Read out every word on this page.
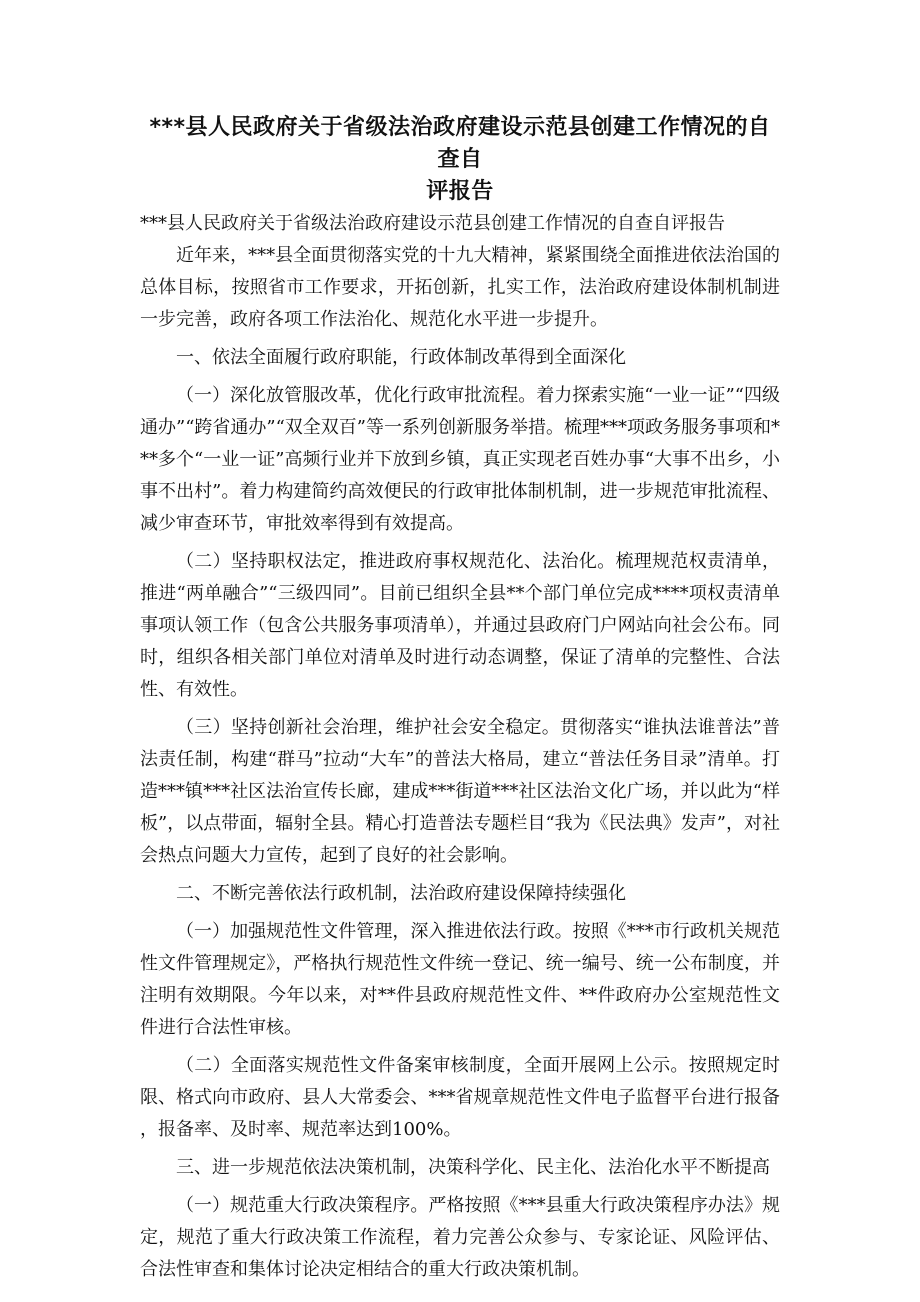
***县人民政府关于省级法治政府建设示范县创建工作情况的自查自
评报告

***县人民政府关于省级法治政府建设示范县创建工作情况的自查自评报告

近年来，***县全面贯彻落实党的十九大精神，紧紧围绕全面推进依法治国的总体目标，按照省市工作要求，开拓创新，扎实工作，法治政府建设体制机制进一步完善，政府各项工作法治化、规范化水平进一步提升。

一、依法全面履行政府职能，行政体制改革得到全面深化

（一）深化放管服改革，优化行政审批流程。着力探索实施“一业一证”“四级通办”“跨省通办”“双全双百”等一系列创新服务举措。梳理***项政务服务事项和***多个“一业一证”高频行业并下放到乡镇，真正实现老百姓办事“大事不出乡，小事不出村”。着力构建简约高效便民的行政审批体制机制，进一步规范审批流程、减少审查环节，审批效率得到有效提高。

（二）坚持职权法定，推进政府事权规范化、法治化。梳理规范权责清单，推进“两单融合”“三级四同”。目前已组织全县**个部门单位完成****项权责清单事项认领工作（包含公共服务事项清单），并通过县政府门户网站向社会公布。同时，组织各相关部门单位对清单及时进行动态调整，保证了清单的完整性、合法性、有效性。

（三）坚持创新社会治理，维护社会安全稳定。贯彻落实“谁执法谁普法”普法责任制，构建“群马”拉动“大车”的普法大格局，建立“普法任务目录”清单。打造***镇***社区法治宣传长廊，建成***街道***社区法治文化广场，并以此为“样板”，以点带面，辐射全县。精心打造普法专题栏目“我为《民法典》发声”，对社会热点问题大力宣传，起到了良好的社会影响。

二、不断完善依法行政机制，法治政府建设保障持续强化

（一）加强规范性文件管理，深入推进依法行政。按照《***市行政机关规范性文件管理规定》，严格执行规范性文件统一登记、统一编号、统一公布制度，并注明有效期限。今年以来，对**件县政府规范性文件、**件政府办公室规范性文件进行合法性审核。

（二）全面落实规范性文件备案审核制度，全面开展网上公示。按照规定时限、格式向市政府、县人大常委会、***省规章规范性文件电子监督平台进行报备，报备率、及时率、规范率达到100%。

三、进一步规范依法决策机制，决策科学化、民主化、法治化水平不断提高

（一）规范重大行政决策程序。严格按照《***县重大行政决策程序办法》规定，规范了重大行政决策工作流程，着力完善公众参与、专家论证、风险评估、合法性审查和集体讨论决定相结合的重大行政决策机制。
